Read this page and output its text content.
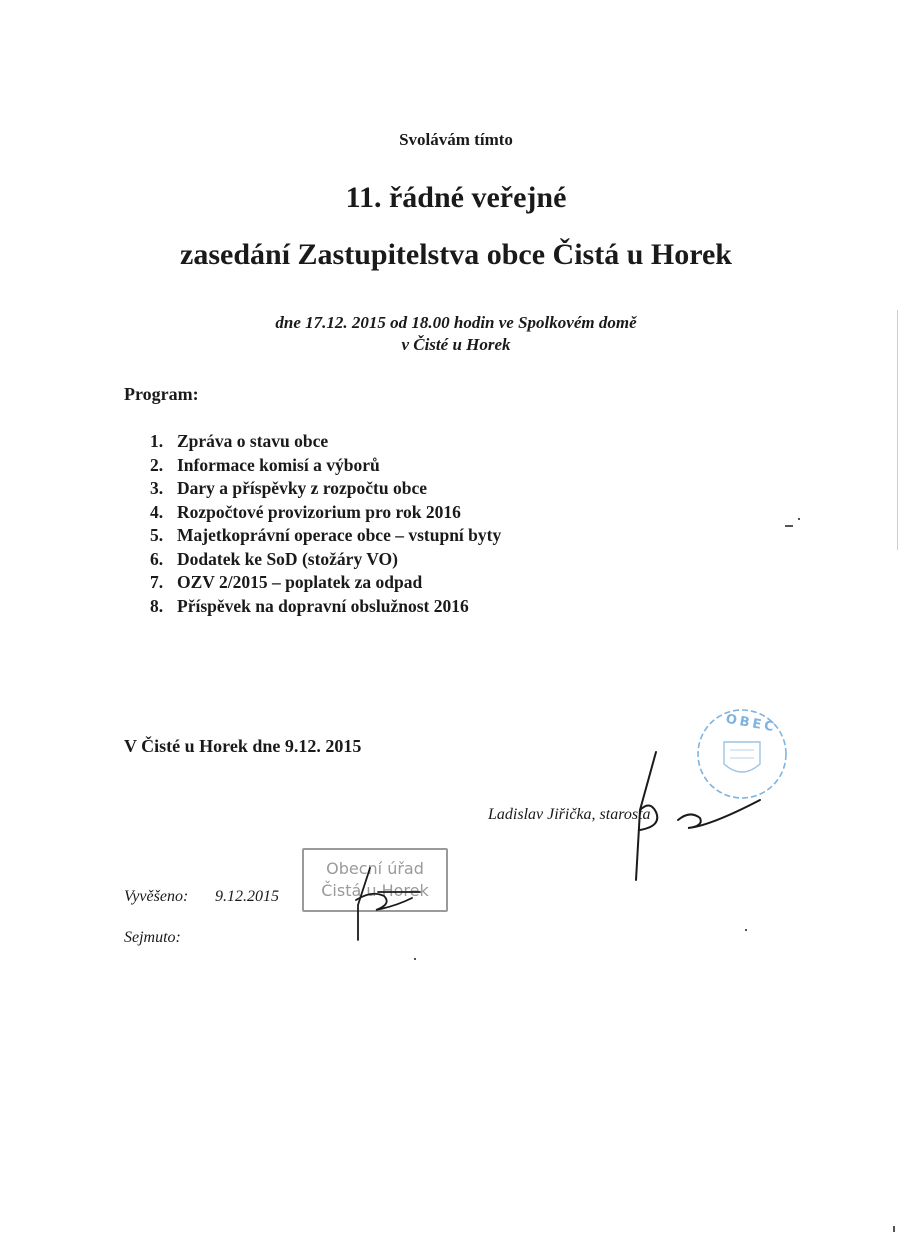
Svolávám tímto
11. řádné veřejné
zasedání Zastupitelstva obce Čistá u Horek
dne 17.12. 2015 od 18.00 hodin ve Spolkovém domě
v Čisté u Horek
Program:
1. Zpráva o stavu obce
2. Informace komisí a výborů
3. Dary a příspěvky z rozpočtu obce
4. Rozpočtové provizorium pro rok 2016
5. Majetkoprávní operace obce – vstupní byty
6. Dodatek ke SoD (stožáry VO)
7. OZV 2/2015 – poplatek za odpad
8. Příspěvek na dopravní obslužnost 2016
V Čisté u Horek dne 9.12. 2015
OBEC
Ladislav Jiřička, starosta
Obecní úřad
Čistá u Horek
Vyvěšeno: 9.12.2015
Sejmuto:
